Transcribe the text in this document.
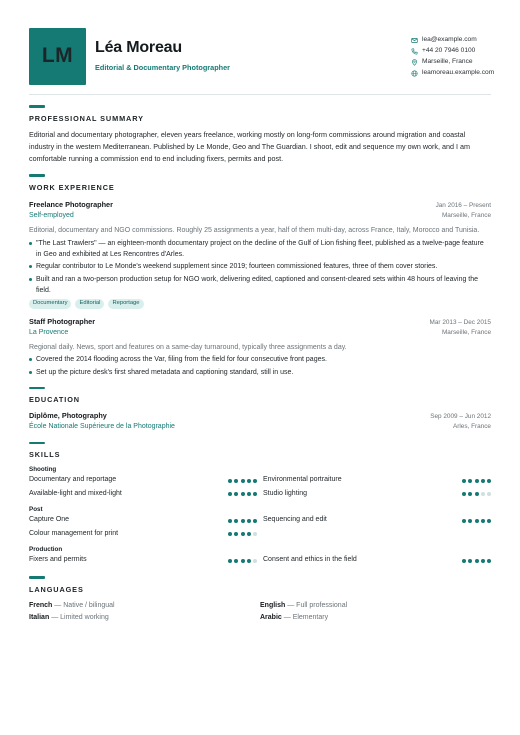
LM	Léa Moreau
Editorial & Documentary Photographer
lea@example.com
+44 20 7946 0100
Marseille, France
leamoreau.example.com
PROFESSIONAL SUMMARY
Editorial and documentary photographer, eleven years freelance, working mostly on long-form commissions around migration and coastal industry in the western Mediterranean. Published by Le Monde, Geo and The Guardian. I shoot, edit and sequence my own work, and I am comfortable running a commission end to end including fixers, permits and post.
WORK EXPERIENCE
Freelance Photographer	Jan 2016 – Present
Self-employed	Marseille, France
Editorial, documentary and NGO commissions. Roughly 25 assignments a year, half of them multi-day, across France, Italy, Morocco and Tunisia.
"The Last Trawlers" — an eighteen-month documentary project on the decline of the Gulf of Lion fishing fleet, published as a twelve-page feature in Geo and exhibited at Les Rencontres d'Arles.
Regular contributor to Le Monde's weekend supplement since 2019; fourteen commissioned features, three of them cover stories.
Built and ran a two-person production setup for NGO work, delivering edited, captioned and consent-cleared sets within 48 hours of leaving the field.
Documentary	Editorial	Reportage
Staff Photographer	Mar 2013 – Dec 2015
La Provence	Marseille, France
Regional daily. News, sport and features on a same-day turnaround, typically three assignments a day.
Covered the 2014 flooding across the Var, filing from the field for four consecutive front pages.
Set up the picture desk's first shared metadata and captioning standard, still in use.
EDUCATION
Diplôme, Photography	Sep 2009 – Jun 2012
École Nationale Supérieure de la Photographie	Arles, France
SKILLS
Shooting
Documentary and reportage	Environmental portraiture
Available-light and mixed-light	Studio lighting
Post
Capture One	Sequencing and edit
Colour management for print
Production
Fixers and permits	Consent and ethics in the field
LANGUAGES
French — Native / bilingual	English — Full professional
Italian — Limited working	Arabic — Elementary
